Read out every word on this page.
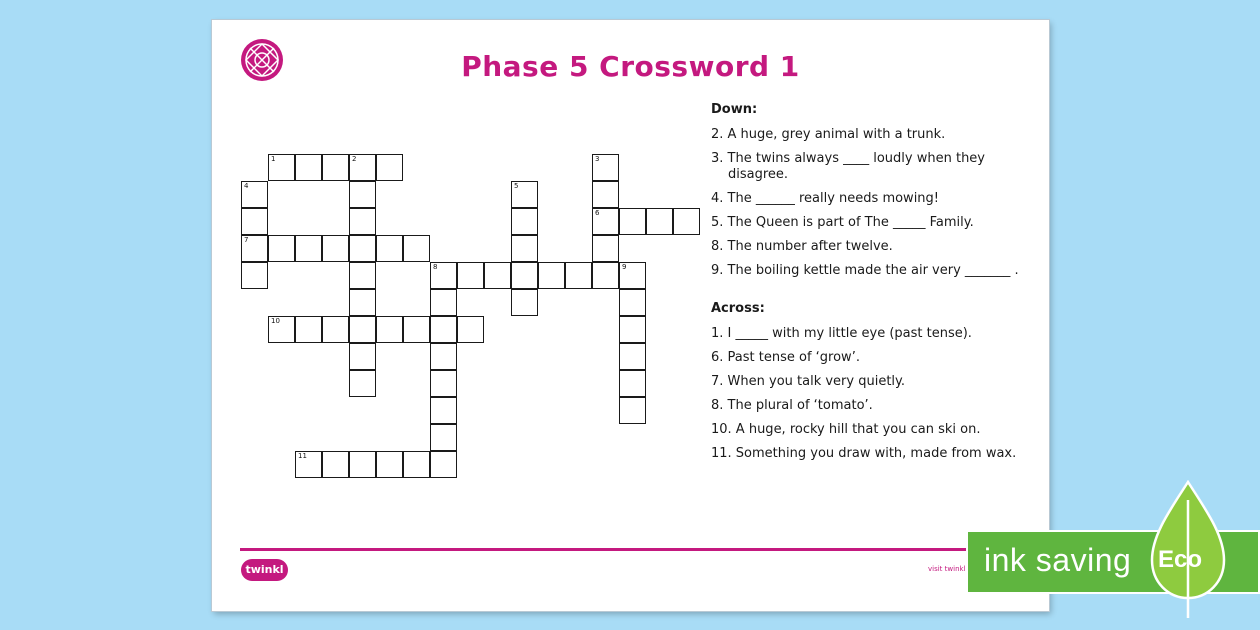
Phase 5 Crossword 1
1	2	3
6
4
7
5
8	9
10
11
Down:
2. A huge, grey animal with a trunk.
3. The twins always ____ loudly when they disagree.
4. The ______ really needs mowing!
5. The Queen is part of The _____ Family.
8. The number after twelve.
9. The boiling kettle made the air very _______ .
Across:
1. I _____ with my little eye (past tense).
6. Past tense of ‘grow’.
7. When you talk very quietly.
8. The plural of ‘tomato’.
10. A huge, rocky hill that you can ski on.
11. Something you draw with, made from wax.
twinkl	visit twinkl ink saving Eco
